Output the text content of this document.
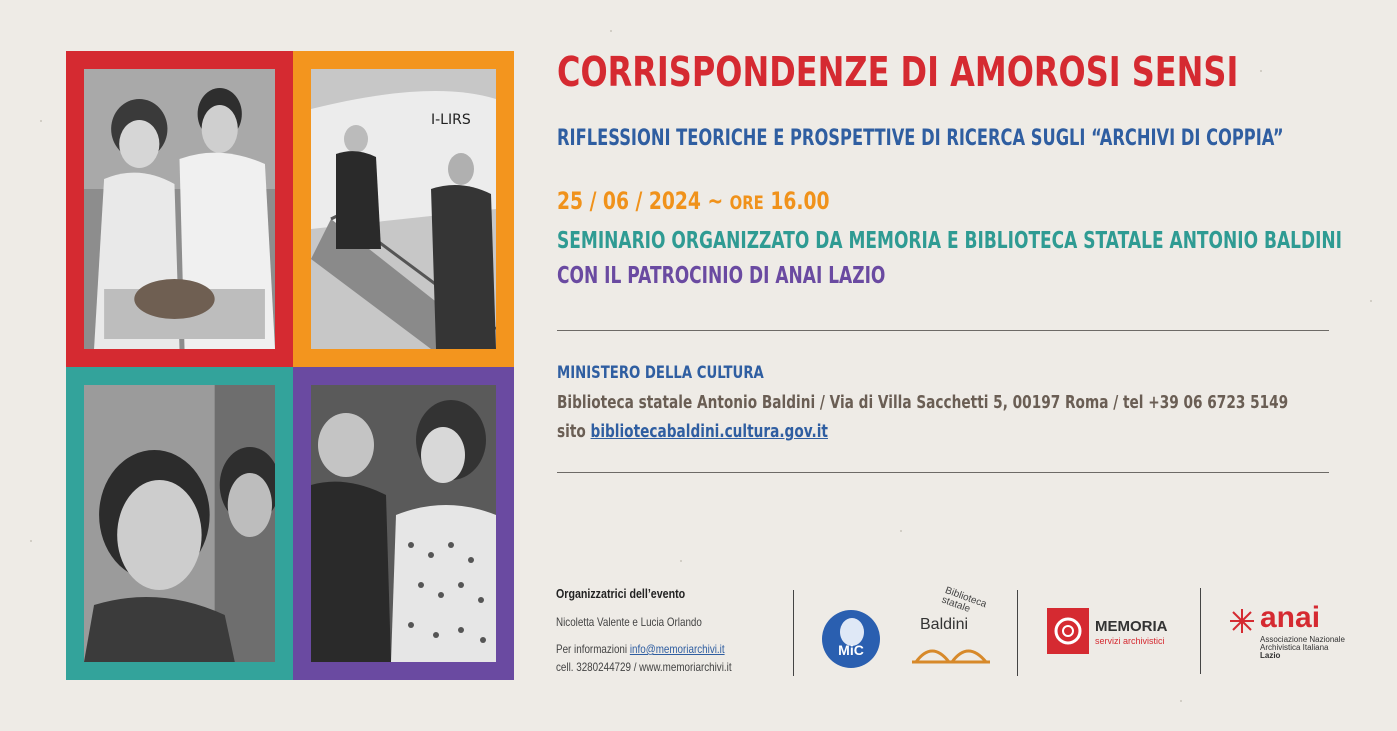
I-LIRS
CORRISPONDENZE DI AMOROSI SENSI
RIFLESSIONI TEORICHE E PROSPETTIVE DI RICERCA SUGLI “ARCHIVI DI COPPIA”
25 / 06 / 2024 ~ ORE 16.00
SEMINARIO ORGANIZZATO DA MEMORIA E BIBLIOTECA STATALE ANTONIO BALDINI
CON IL PATROCINIO DI ANAI LAZIO
MINISTERO DELLA CULTURA
Biblioteca statale Antonio Baldini / Via di Villa Sacchetti 5, 00197 Roma / tel +39 06 6723 5149
sito bibliotecabaldini.cultura.gov.it
Organizzatrici dell’evento
Nicoletta Valente e Lucia Orlando
Per informazioni info@memoriarchivi.it
cell. 3280244729 / www.memoriarchivi.it
MiC
Biblioteca statale
Baldini	MEMORIA
servizi archivistici
anai
Associazione Nazionale Archivistica Italiana
Lazio
